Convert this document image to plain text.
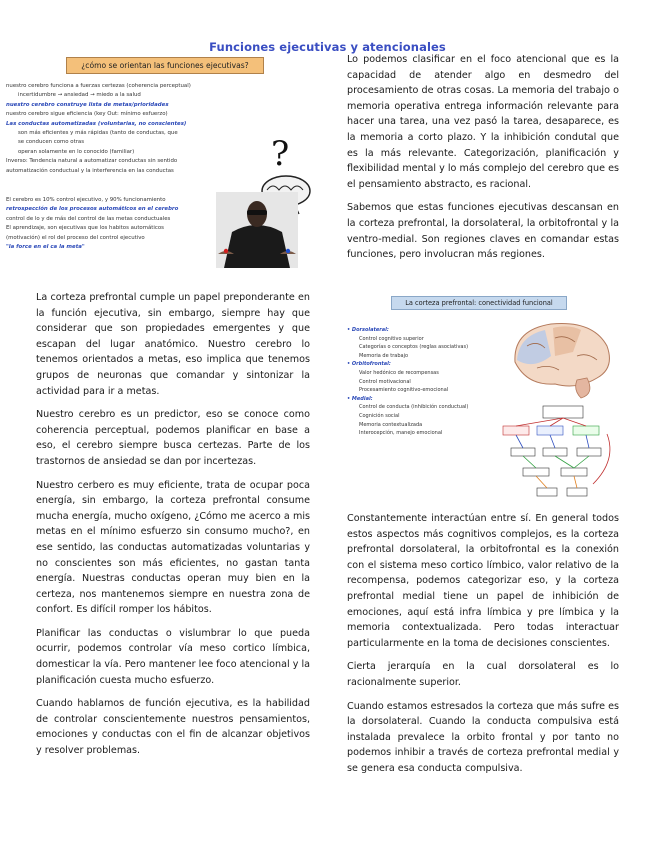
Funciones ejecutivas y atencionales
¿cómo se orientan las funciones ejecutivas?
nuestro cerebro funciona a fuerzas certezas (coherencia perceptual)
incertidumbre → ansiedad → miedo a la salud
nuestro cerebro construye lista de metas/prioridades
nuestro cerebro sigue eficiencia (key Out: mínimo esfuerzo)
Las conductas automatizadas (voluntarias, no conscientes)
son más eficientes y más rápidas (tanto de conductas, que
se conducen como otras
operan solamente en lo conocido (familiar)
Inverso: Tendencia natural a automatizar conductas sin sentido
automatización conductual y la interferencia en las conductas
El cerebro es 10% control ejecutivo, y 90% funcionamiento
retrospección de los procesos automáticos en el cerebro
control de lo y de más del control de las metas conductuales
El aprendizaje, son ejecutivas que los habitos automáticos
(motivación) el rol del proceso del control ejecutivo
"la force en el ca la meta"
?

La corteza prefrontal cumple un papel preponderante en la función ejecutiva, sin embargo, siempre hay que considerar que son propiedades emergentes y que escapan del lugar anatómico. Nuestro cerebro lo tenemos orientados a metas, eso implica que tenemos grupos de neuronas que comandar y sintonizar la actividad para ir a metas.

Nuestro cerebro es un predictor, eso se conoce como coherencia perceptual, podemos planificar en base a eso, el cerebro siempre busca certezas. Parte de los trastornos de ansiedad se dan por incertezas.

Nuestro cerbero es muy eficiente, trata de ocupar poca energía, sin embargo, la corteza prefrontal consume mucha energía, mucho oxígeno, ¿Cómo me acerco a mis metas en el mínimo esfuerzo sin consumo mucho?, en ese sentido, las conductas automatizadas voluntarias y no conscientes son más eficientes, no gastan tanta energía. Nuestras conductas operan muy bien en la certeza, nos mantenemos siempre en nuestra zona de confort. Es difícil romper los hábitos.

Planificar las conductas o vislumbrar lo que pueda ocurrir, podemos controlar vía meso cortico límbica, domesticar la vía. Pero mantener lee foco atencional y la planificación cuesta mucho esfuerzo.

Cuando hablamos de función ejecutiva, es la habilidad de controlar conscientemente nuestros pensamientos, emociones y conductas con el fin de alcanzar objetivos y resolver problemas.

Lo podemos clasificar en el foco atencional que es la capacidad de atender algo en desmedro del procesamiento de otras cosas. La memoria del trabajo o memoria operativa entrega información relevante para hacer una tarea, una vez pasó la tarea, desaparece, es la memoria a corto plazo. Y la inhibición condutal que es la más relevante. Categorización, planificación y flexibilidad mental y lo más complejo del cerebro que es el pensamiento abstracto, es racional.

Sabemos que estas funciones ejecutivas descansan en la corteza prefrontal, la dorsolateral, la orbitofrontal y la ventro-medial. Son regiones claves en comandar estas funciones, pero involucran más regiones.

La corteza prefrontal: conectividad funcional
• Dorsolateral:
Control cognitivo superior
Categorías o conceptos (reglas asociativas)
Memoria de trabajo
• Orbitofrontal:
Valor hedónico de recompensas
Control motivacional
Procesamiento cognitivo-emocional
• Medial:
Control de conducta (inhibición conductual)
Cognición social
Memoria contextualizada
Interocepción, manejo emocional

Constantemente interactúan entre sí. En general todos estos aspectos más cognitivos complejos, es la corteza prefrontal dorsolateral, la orbitofrontal es la conexión con el sistema meso cortico límbico, valor relativo de la recompensa, podemos categorizar eso, y la corteza prefrontal medial tiene un papel de inhibición de emociones, aquí está infra límbica y pre límbica y la memoria contextualizada. Pero todas interactuar particularmente en la toma de decisiones conscientes.

Cierta jerarquía en la cual dorsolateral es lo racionalmente superior.

Cuando estamos estresados la corteza que más sufre es la dorsolateral. Cuando la conducta compulsiva está instalada prevalece la orbito frontal y por tanto no podemos inhibir a través de corteza prefrontal medial y se genera esa conducta compulsiva.
